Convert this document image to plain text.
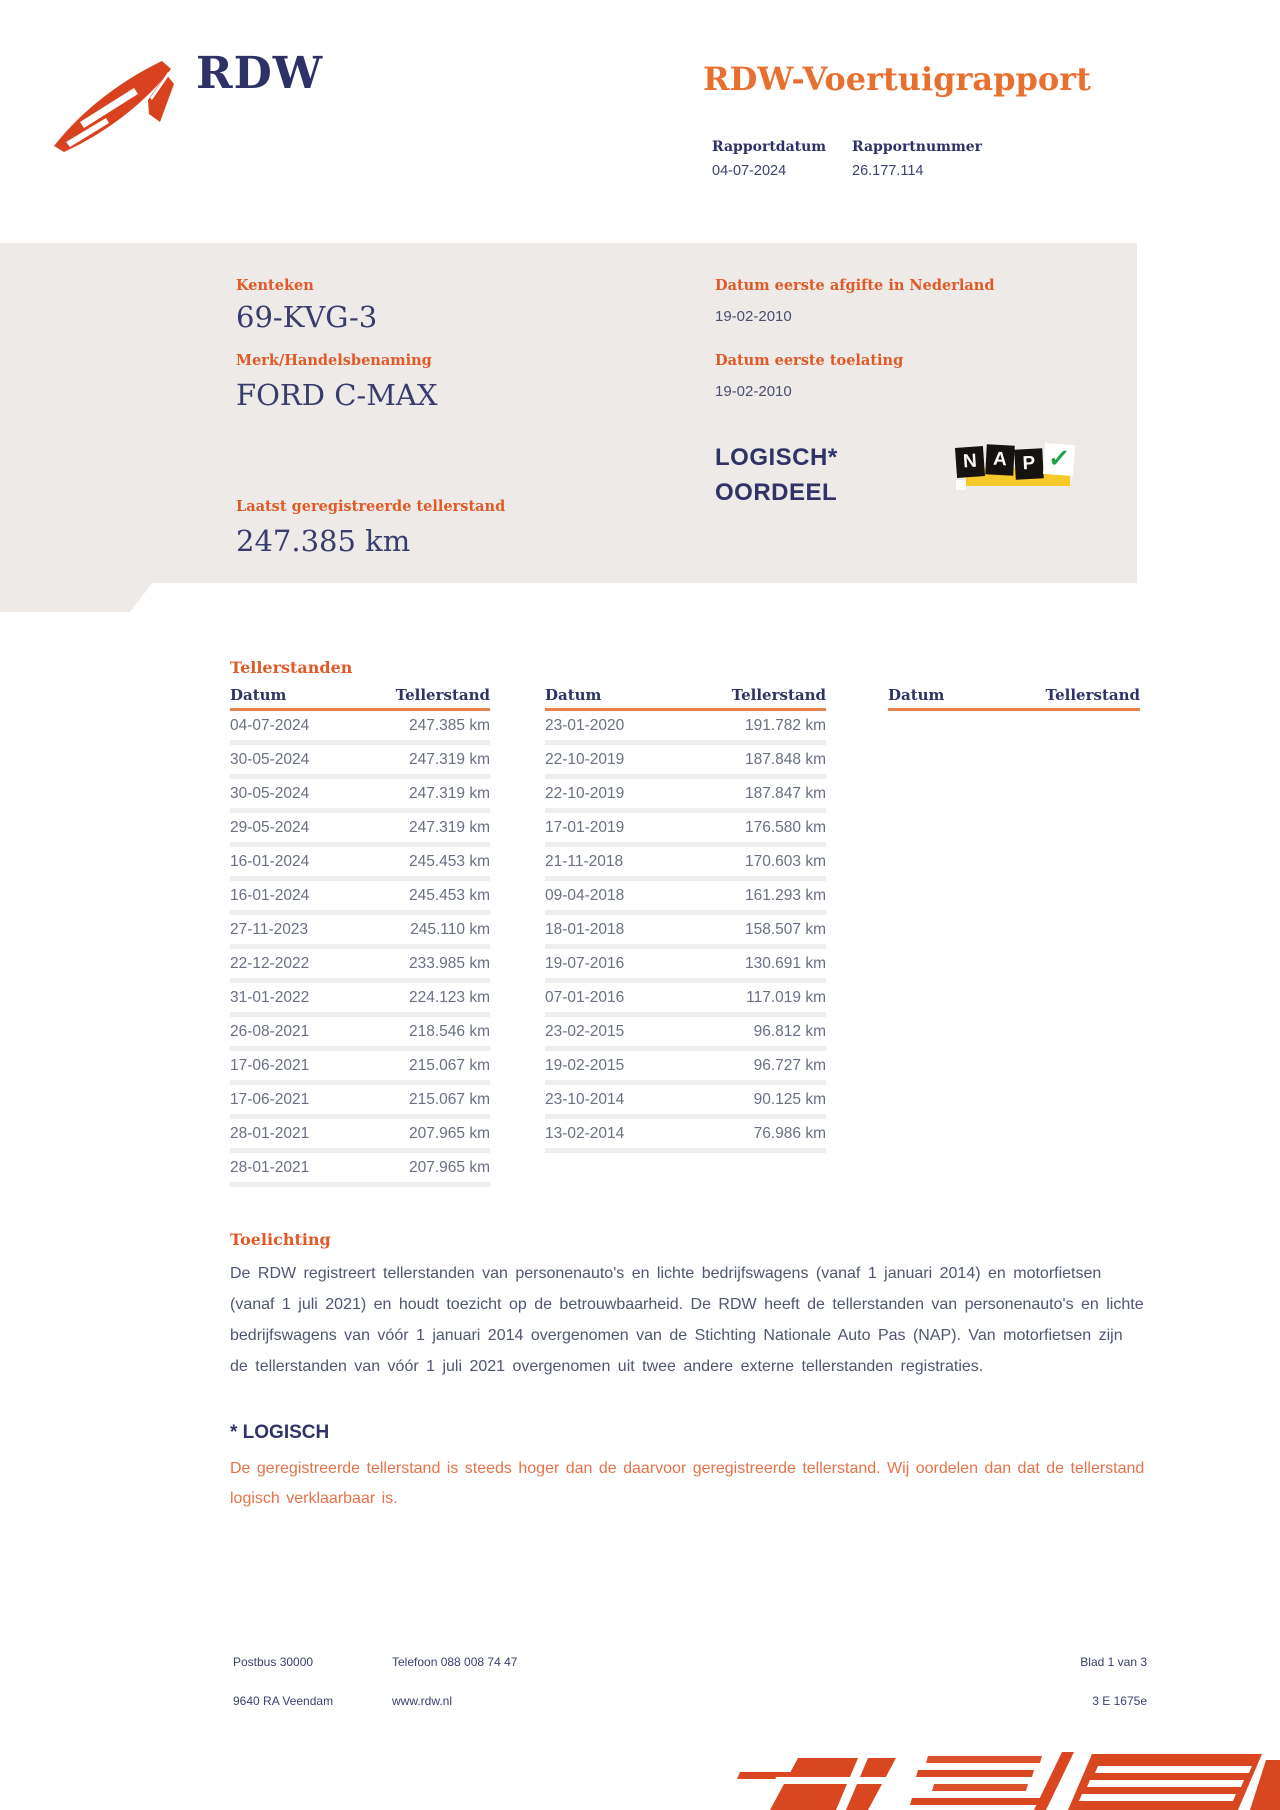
RDW	RDW-Voertuigrapport
Rapportdatum Rapportnummer
04-07-2024	26.177.114
Kenteken
69-KVG-3
Merk/Handelsbenaming
FORD C-MAX
Laatst geregistreerde tellerstand
247.385 km
Datum eerste afgifte in Nederland
19-02-2010
Datum eerste toelating
19-02-2010
LOGISCH*
OORDEEL
N A P ✓
Tellerstanden
Datum	Tellerstand
04-07-2024	247.385 km
30-05-2024	247.319 km
30-05-2024	247.319 km
29-05-2024	247.319 km
16-01-2024	245.453 km
16-01-2024	245.453 km
27-11-2023	245.110 km
22-12-2022	233.985 km
31-01-2022	224.123 km
26-08-2021	218.546 km
17-06-2021	215.067 km
17-06-2021	215.067 km
28-01-2021	207.965 km
28-01-2021	207.965 km
Datum	Tellerstand
23-01-2020	191.782 km
22-10-2019	187.848 km
22-10-2019	187.847 km
17-01-2019	176.580 km
21-11-2018	170.603 km
09-04-2018	161.293 km
18-01-2018	158.507 km
19-07-2016	130.691 km
07-01-2016	117.019 km
23-02-2015	96.812 km
19-02-2015	96.727 km
23-10-2014	90.125 km
13-02-2014	76.986 km
Datum	Tellerstand
Toelichting
De RDW registreert tellerstanden van personenauto's en lichte bedrijfswagens (vanaf 1 januari 2014) en motorfietsen (vanaf 1 juli 2021) en houdt toezicht op de betrouwbaarheid. De RDW heeft de tellerstanden van personenauto's en lichte bedrijfswagens van vóór 1 januari 2014 overgenomen van de Stichting Nationale Auto Pas (NAP). Van motorfietsen zijn de tellerstanden van vóór 1 juli 2021 overgenomen uit twee andere externe tellerstanden registraties.
* LOGISCH
De geregistreerde tellerstand is steeds hoger dan de daarvoor geregistreerde tellerstand. Wij oordelen dan dat de tellerstand logisch verklaarbaar is.
Postbus 30000
9640 RA Veendam
Telefoon 088 008 74 47
www.rdw.nl
Blad 1 van 3
3 E 1675e
